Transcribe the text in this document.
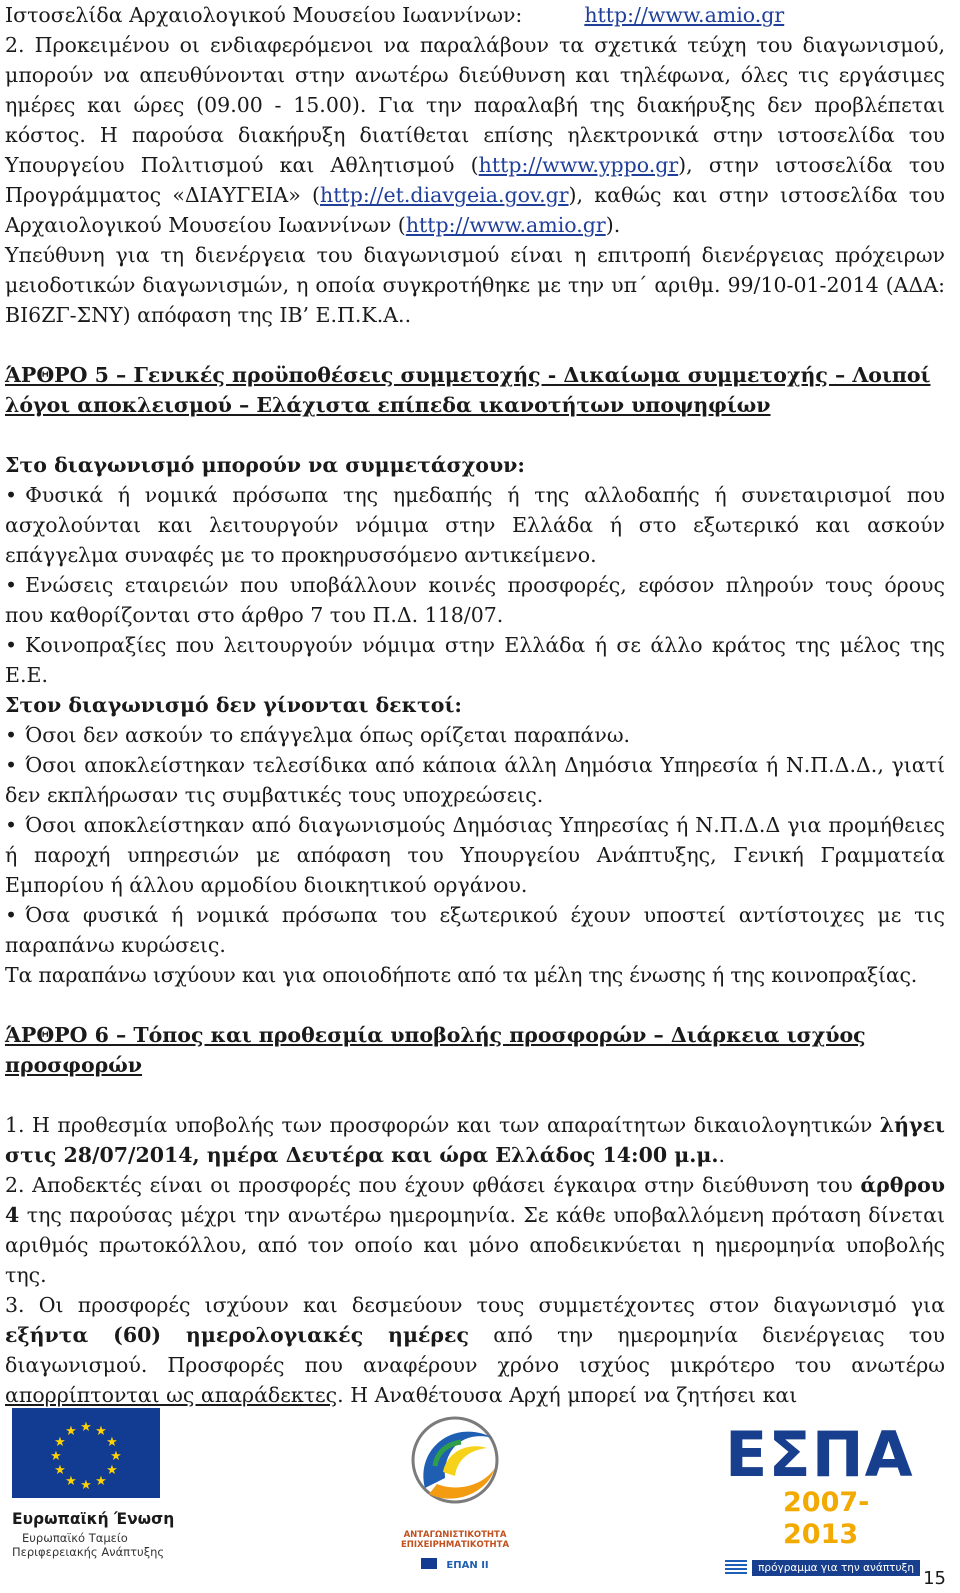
Ιστοσελίδα Αρχαιολογικού Μουσείου Ιωαννίνων:	http://www.amio.gr

2. Προκειμένου οι ενδιαφερόμενοι να παραλάβουν τα σχετικά τεύχη του διαγωνισμού, μπορούν να απευθύνονται στην ανωτέρω διεύθυνση και τηλέφωνα, όλες τις εργάσιμες ημέρες και ώρες (09.00 - 15.00). Για την παραλαβή της διακήρυξης δεν προβλέπεται κόστος. Η παρούσα διακήρυξη διατίθεται επίσης ηλεκτρονικά στην ιστοσελίδα του Υπουργείου Πολιτισμού και Αθλητισμού (http://www.yppo.gr), στην ιστοσελίδα του Προγράμματος «ΔΙΑΥΓΕΙΑ» (http://et.diavgeia.gov.gr), καθώς και στην ιστοσελίδα του Αρχαιολογικού Μουσείου Ιωαννίνων (http://www.amio.gr).

Υπεύθυνη για τη διενέργεια του διαγωνισμού είναι η επιτροπή διενέργειας πρόχειρων μειοδοτικών διαγωνισμών, η οποία συγκροτήθηκε με την υπ΄ αριθμ. 99/10-01-2014 (ΑΔΑ: ΒΙ6ΖΓ-ΣΝΥ) απόφαση της ΙΒ’ Ε.Π.Κ.Α..

ΆΡΘΡΟ 5 – Γενικές προϋποθέσεις συμμετοχής - Δικαίωμα συμμετοχής – Λοιποί λόγοι αποκλεισμού – Ελάχιστα επίπεδα ικανοτήτων υποψηφίων

Στο διαγωνισμό μπορούν να συμμετάσχουν:

• Φυσικά ή νομικά πρόσωπα της ημεδαπής ή της αλλοδαπής ή συνεταιρισμοί που ασχολούνται και λειτουργούν νόμιμα στην Ελλάδα ή στο εξωτερικό και ασκούν επάγγελμα συναφές με το προκηρυσσόμενο αντικείμενο.

• Ενώσεις εταιρειών που υποβάλλουν κοινές προσφορές, εφόσον πληρούν τους όρους που καθορίζονται στο άρθρο 7 του Π.Δ. 118/07.

• Κοινοπραξίες που λειτουργούν νόμιμα στην Ελλάδα ή σε άλλο κράτος της μέλος της Ε.Ε.

Στον διαγωνισμό δεν γίνονται δεκτοί:

• Όσοι δεν ασκούν το επάγγελμα όπως ορίζεται παραπάνω.

• Όσοι αποκλείστηκαν τελεσίδικα από κάποια άλλη Δημόσια Υπηρεσία ή Ν.Π.Δ.Δ., γιατί δεν εκπλήρωσαν τις συμβατικές τους υποχρεώσεις.

• Όσοι αποκλείστηκαν από διαγωνισμούς Δημόσιας Υπηρεσίας ή Ν.Π.Δ.Δ για προμήθειες ή παροχή υπηρεσιών με απόφαση του Υπουργείου Ανάπτυξης, Γενική Γραμματεία Εμπορίου ή άλλου αρμοδίου διοικητικού οργάνου.

• Όσα φυσικά ή νομικά πρόσωπα του εξωτερικού έχουν υποστεί αντίστοιχες με τις παραπάνω κυρώσεις.

Τα παραπάνω ισχύουν και για οποιοδήποτε από τα μέλη της ένωσης ή της κοινοπραξίας.

ΆΡΘΡΟ 6 – Τόπος και προθεσμία υποβολής προσφορών – Διάρκεια ισχύος προσφορών

1. Η προθεσμία υποβολής των προσφορών και των απαραίτητων δικαιολογητικών λήγει στις 28/07/2014, ημέρα Δευτέρα και ώρα Ελλάδος 14:00 μ.μ..

2. Αποδεκτές είναι οι προσφορές που έχουν φθάσει έγκαιρα στην διεύθυνση του άρθρου 4 της παρούσας μέχρι την ανωτέρω ημερομηνία. Σε κάθε υποβαλλόμενη πρόταση δίνεται αριθμός πρωτοκόλλου, από τον οποίο και μόνο αποδεικνύεται η ημερομηνία υποβολής της.

3. Οι προσφορές ισχύουν και δεσμεύουν τους συμμετέχοντες στον διαγωνισμό για εξήντα (60) ημερολογιακές ημέρες από την ημερομηνία διενέργειας του διαγωνισμού. Προσφορές που αναφέρουν χρόνο ισχύος μικρότερο του ανωτέρω απορρίπτονται ως απαράδεκτες. Η Αναθέτουσα Αρχή μπορεί να ζητήσει και

★ ★
★
★
★
★
★
★
★
★
★
★
Ευρωπαϊκή Ένωση
Ευρωπαϊκό Ταμείο
Περιφερειακής Ανάπτυξης
ΑΝΤΑΓΩΝΙΣΤΙΚΟΤΗΤΑ
ΕΠΙΧΕΙΡΗΜΑΤΙΚΟΤΗΤΑ
ΕΠΑΝ ΙΙ
ΕΣΠΑ
2007-2013
πρόγραμμα για την ανάπτυξη
15
